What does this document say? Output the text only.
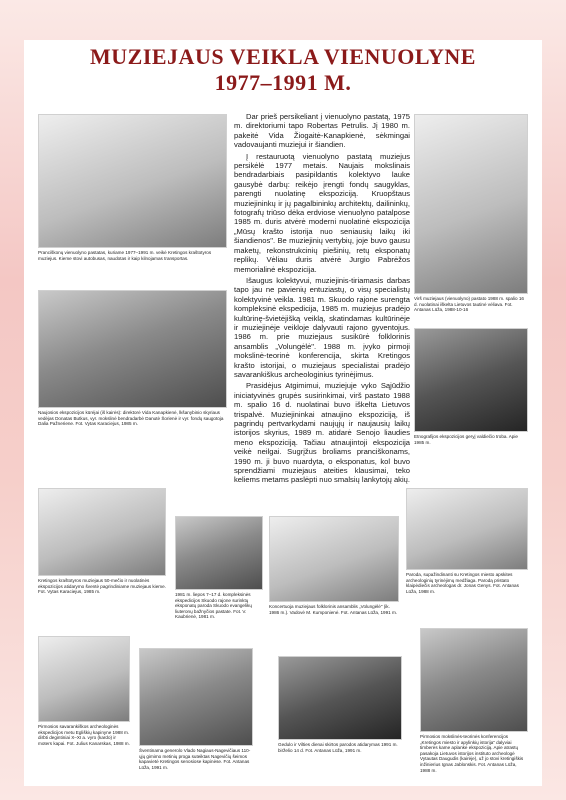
MUZIEJAUS VEIKLA VIENUOLYNE
1977–1991 M.
Pranciškonų vienuolyno pastatas, kuriame 1977–1991 m. veikė Kretingos kraštotyros muziejus. Kieme stovi autobusas, naudotas ir kaip kilnojamas transportas.
Virš muziejaus (vienuolyno) pastato 1988 m. spalio 16 d. nuolatinai iškelta Lietuvos tautinė vėliava. Fot. Antanas Lūža, 1988-10-16
Naujosios ekspozicijos kūrėjai (iš kairės): direktorė Vida Kanapkienė, lkšanybinio skyriaus vedėjas Donatas Butkus, vyr. mokslinė bendradarbė Danutė Šorienė ir vyr. fondų saugotoja Dalia Pažneriene. Fot. Vytas Karaciejus, 1985 m.
Etnografijos ekspozicijos geryj valdiečio troba. Apie 1985 m.
Kretingos kraštotyros muziejaus 50-mečio ir nuolatinės ekspozicijos atidarymo šventė pagrindiniame muziejaus kieme. Fot. Vytas Karaciejus, 1985 m.
1981 m. liepos 7–17 d. kompleksinės ekspedicijos Skuodo rajone surinktų eksponatų paroda Skuodo evangelikų liuteronų bažnyčios pastate. Fot. V. Kaubrienė, 1981 m.
Koncertuoja muziejaus folklorinis ansamblis „Volungėlė" (ik. 1986 m.). Vadovė M. Kumponienė. Fot. Antanas Lūža, 1991 m.
Paroda, supažindinanti su Kretingos miesto apskites archeologinių tyrinėjimų medžiaga. Parodą pristato klaipėdiečis archeologas dr. Jonas Genys. Fot. Antanas Lūža, 1988 m.
Pirmosios savarankiškos archeologinės ekspedicijos metu Egliškių kapinyne 1988 m. dirbti degintiniai X–XI a. vyro (kardo) ir moters kapai. Fot. Julius Kanarskas, 1988 m.
Šventinama generolo Vlado Nagiaus-Nagevičiaus 110-ųjų gimimo metinių proga suteiktas Nagevičių šeimos kapavietė Kretingos senosiose kapinėse. Fot. Antanas Lūža, 1991 m.
Gedulo ir Vilties dienai skirtos parodos atidarymas 1991 m. birželio 14 d. Fot. Antanas Lūža, 1991 m.
Pirmosios mokslinės-teorinės konferencijos „Kretingos miesto ir apylinkių istorija" dalyviai timberės kame aplankė ekspoziciją. Apie atrastų pasakoja Lietuvos istorijos instituto archeologė Vytautas Daugudis (kairėje), už jo stovi kretingiškis inžinierius Ignas Jablonskis. Fot. Antanas Lūža, 1988 m.

Dar prieš persikeliant į vienuolyno pastatą, 1975 m. direktoriumi tapo Robertas Petrulis. Jį 1980 m. pakeitė Vida Žiogaitė-Kanapkienė, sėkmingai vadovaujanti muziejui ir šiandien.

Į restauruotą vienuolyno pastatą muziejus persikėlė 1977 metais. Naujais mokslinais bendradarbiais pasipildantis kolektyvo lauke gausybė darbų: reikėjo įrengti fondų saugyklas, parengti nuolatinę ekspoziciją. Kruopštaus muziejininkų ir jų pagalbininkų architektų, dailininkų, fotografų triūso dėka erdviose vienuolyno patalpose 1985 m. duris atvėrė moderni nuolatinė ekspozicija „Mūsų krašto istorija nuo seniausių laikų iki šiandienos". Be muziejinių vertybių, joje buvo gausu maketų, rekonstrukcinių piešinių, retų eksponatų replikų. Vėliau duris atvėrė Jurgio Pabrėžos memorialinė ekspozicija.

Išaugus kolektyvui, muziejinis-tiriamasis darbas tapo jau ne pavienių entuziastų, o visų specialistų kolektyvinė veikla. 1981 m. Skuodo rajone surengta kompleksinė ekspedicija, 1985 m. muziejus pradėjo kultūrinę-švietėjišką veiklą, skatindamas kultūrinėje ir muziejinėje veikloje dalyvauti rajono gyventojus. 1986 m. prie muziejaus susikūrė folklorinis ansamblis „Volungėlė". 1988 m. įvyko pirmoji mokslinė-teorinė konferencija, skirta Kretingos krašto istorijai, o muziejaus specialistai pradėjo savarankiškus archeologinius tyrinėjimus.

Prasidėjus Atgimimui, muziejuje vyko Sąjūdžio iniciatyvinės grupės susirinkimai, virš pastato 1988 m. spalio 16 d. nuolatinai buvo iškelta Lietuvos trispalvė. Muziejininkai atnaujino ekspoziciją, iš pagrindų pertvarkydami naujųjų ir naujausių laikų istorijos skyrius, 1989 m. atidarė Senojo liaudies meno ekspoziciją. Tačiau atnaujintoji ekspozicija veikė neilgai. Sugrįžus broliams pranciškonams, 1990 m. ji buvo nuardyta, o eksponatus, kol buvo sprendžiami muziejaus ateities klausimai, teko keliems metams paslėpti nuo smalsių lankytojų akių.
